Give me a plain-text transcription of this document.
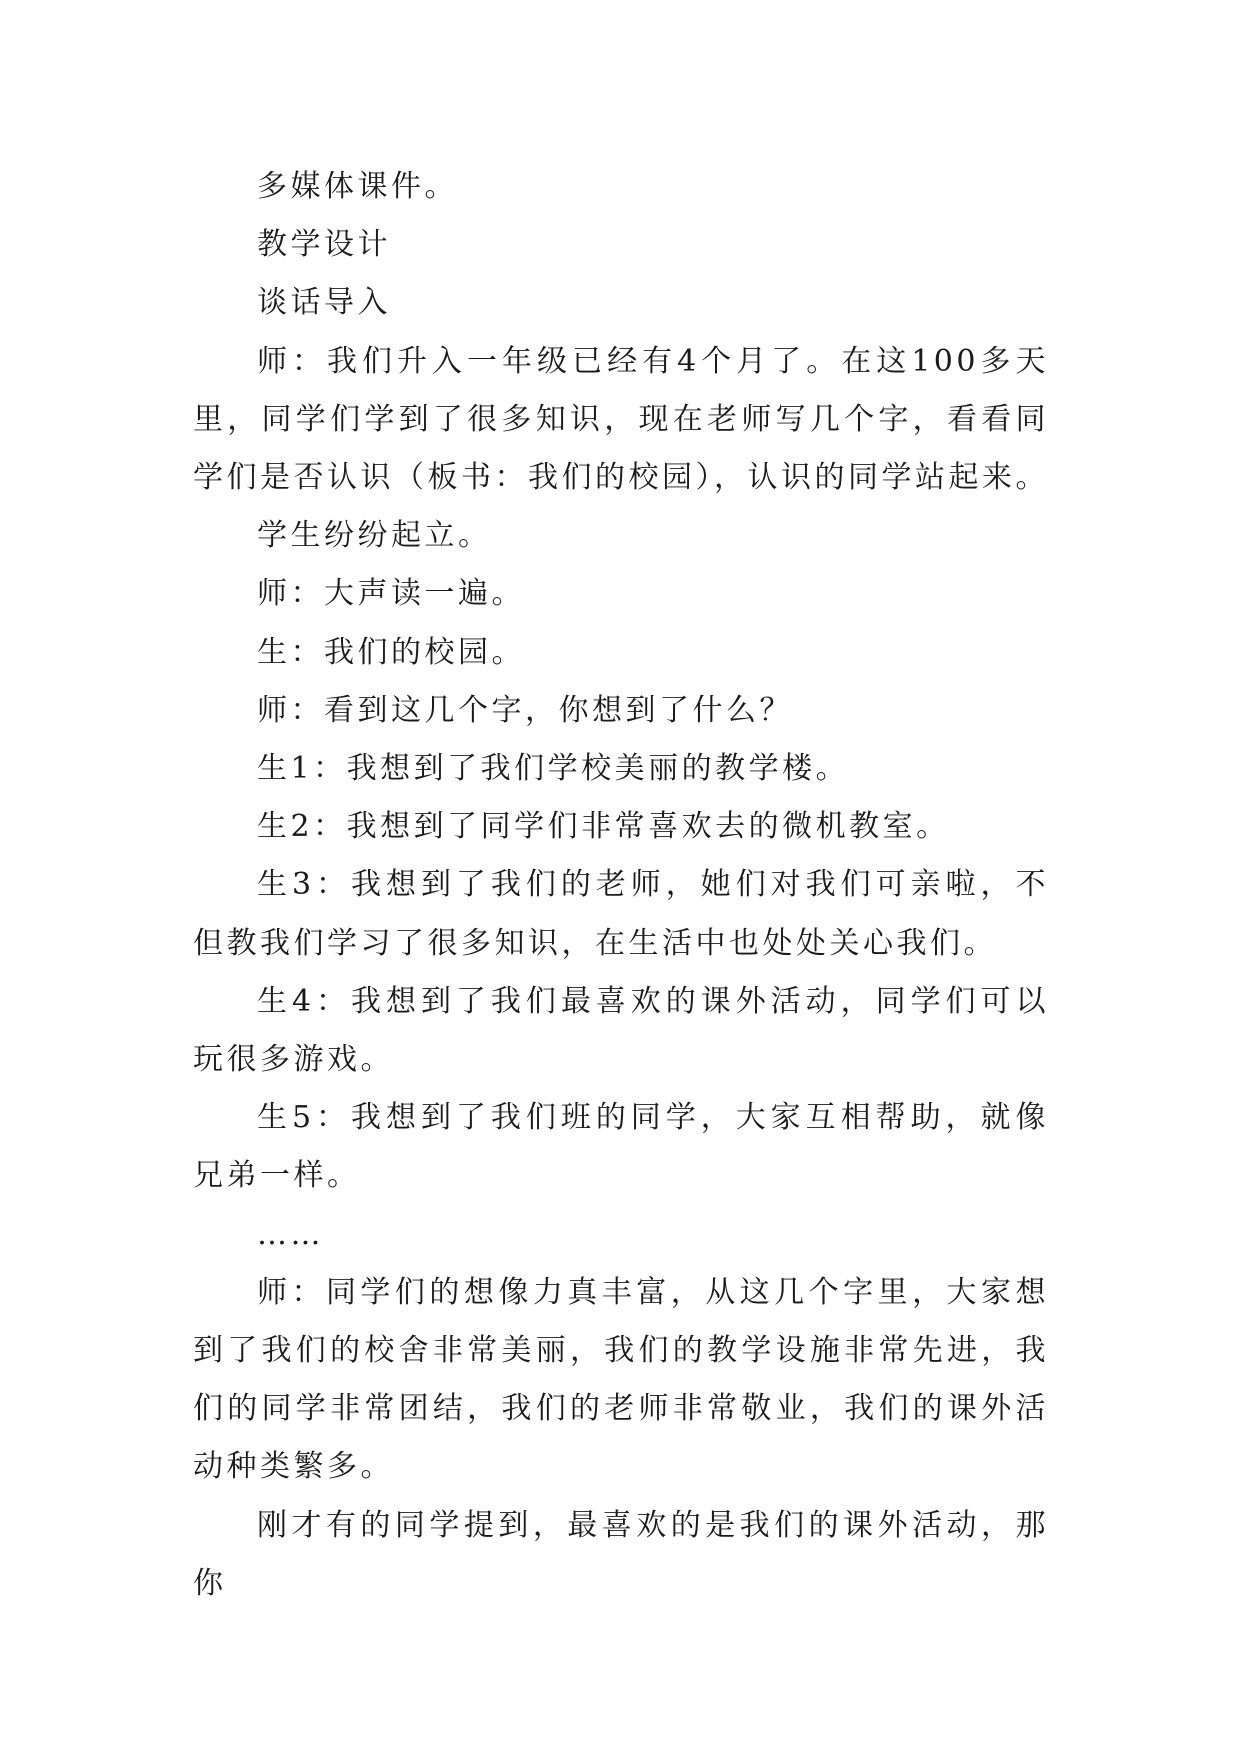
多媒体课件。

教学设计

谈话导入

师：我们升入一年级已经有4个月了。在这100多天里，同学们学到了很多知识，现在老师写几个字，看看同学们是否认识（板书：我们的校园），认识的同学站起来。

学生纷纷起立。

师：大声读一遍。

生：我们的校园。

师：看到这几个字，你想到了什么？

生1：我想到了我们学校美丽的教学楼。

生2：我想到了同学们非常喜欢去的微机教室。

生3：我想到了我们的老师，她们对我们可亲啦，不但教我们学习了很多知识，在生活中也处处关心我们。

生4：我想到了我们最喜欢的课外活动，同学们可以玩很多游戏。

生5：我想到了我们班的同学，大家互相帮助，就像兄弟一样。

……

师：同学们的想像力真丰富，从这几个字里，大家想到了我们的校舍非常美丽，我们的教学设施非常先进，我们的同学非常团结，我们的老师非常敬业，我们的课外活动种类繁多。

刚才有的同学提到，最喜欢的是我们的课外活动，那你
